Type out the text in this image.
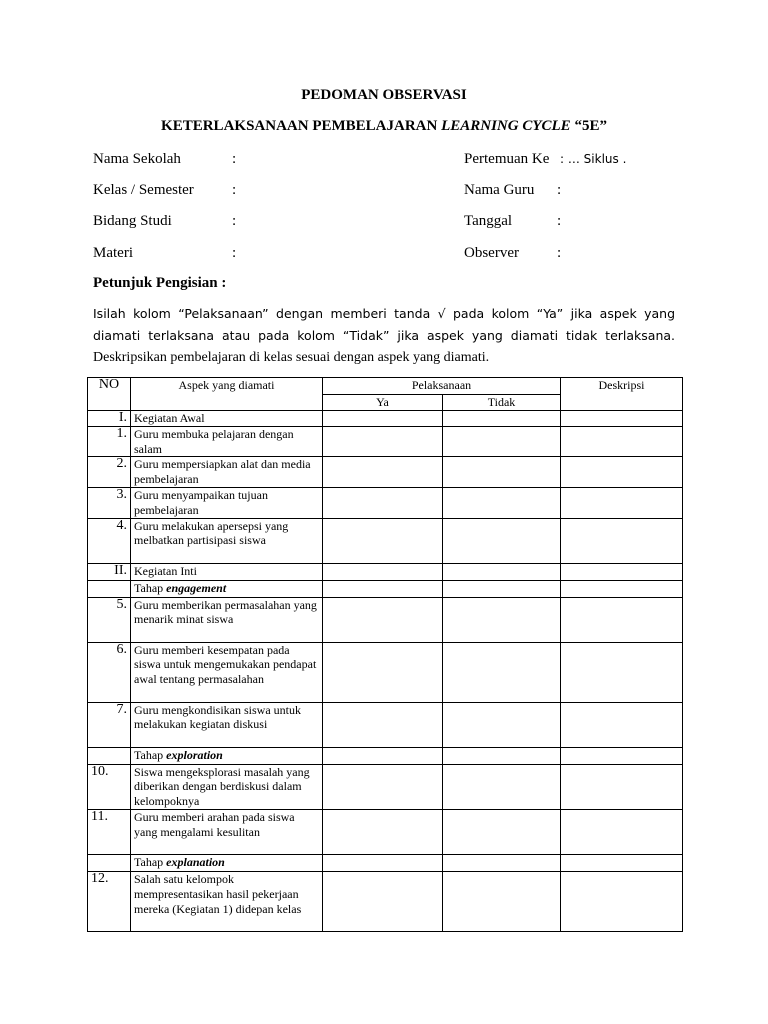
PEDOMAN OBSERVASI
KETERLAKSANAAN PEMBELAJARAN LEARNING CYCLE “5E”
Nama Sekolah	:	Pertemuan Ke : … Siklus .
Kelas / Semester	:	Nama Guru :
Bidang Studi	:	Tanggal	:
Materi	:	Observer	:
Petunjuk Pengisian :
Isilah kolom “Pelaksanaan” dengan memberi tanda √ pada kolom “Ya” jika aspek yang
diamati terlaksana atau pada kolom “Tidak” jika aspek yang diamati tidak terlaksana.
Deskripsikan pembelajaran di kelas sesuai dengan aspek yang diamati.
NO	Aspek yang diamati	Pelaksanaan		Deskripsi
		Ya	Tidak	
I.	Kegiatan Awal			
1.	Guru membuka pelajaran dengan salam			
2.	Guru mempersiapkan alat dan media pembelajaran			
3.	Guru menyampaikan tujuan pembelajaran			
4.	Guru melakukan apersepsi yang melbatkan partisipasi siswa			
II.	Kegiatan Inti			
	Tahap engagement			
5.	Guru memberikan permasalahan yang menarik minat siswa			
6.	Guru memberi kesempatan pada siswa untuk mengemukakan pendapat awal tentang permasalahan			
7.	Guru mengkondisikan siswa untuk melakukan kegiatan diskusi			
	Tahap exploration			
10.	Siswa mengeksplorasi masalah yang diberikan dengan berdiskusi dalam kelompoknya			
11.	Guru memberi arahan pada siswa yang mengalami kesulitan			
	Tahap explanation			
12.	Salah satu kelompok mempresentasikan hasil pekerjaan mereka (Kegiatan 1) didepan kelas			
